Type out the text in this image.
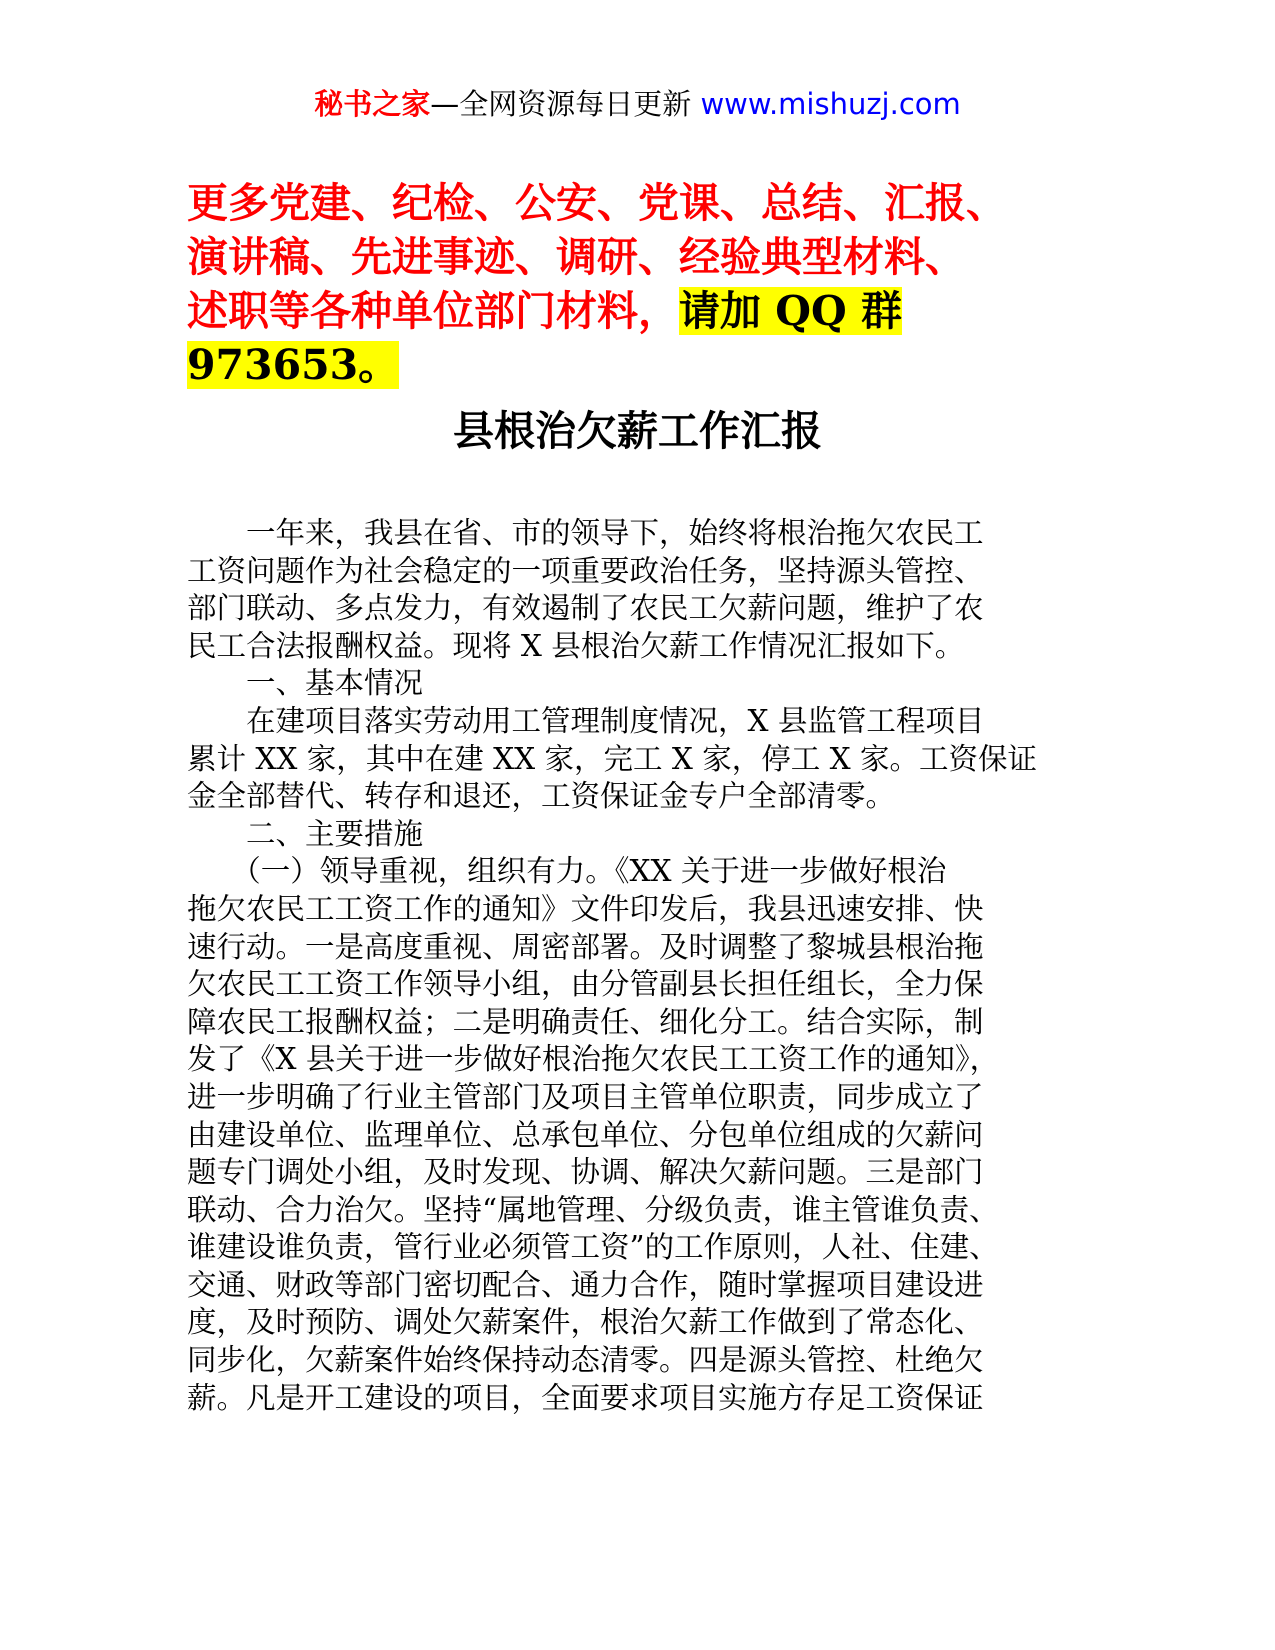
秘书之家—全网资源每日更新 www.mishuzj.com
更多党建、纪检、公安、党课、总结、汇报、
演讲稿、先进事迹、调研、经验典型材料、
述职等各种单位部门材料，请加 QQ 群
973653。
县根治欠薪工作汇报
　　一年来，我县在省、市的领导下，始终将根治拖欠农民工
工资问题作为社会稳定的一项重要政治任务，坚持源头管控、
部门联动、多点发力，有效遏制了农民工欠薪问题，维护了农
民工合法报酬权益。现将 X 县根治欠薪工作情况汇报如下。
　　一、基本情况
　　在建项目落实劳动用工管理制度情况，X 县监管工程项目
累计 XX 家，其中在建 XX 家，完工 X 家，停工 X 家。工资保证
金全部替代、转存和退还，工资保证金专户全部清零。
　　二、主要措施
　　（一）领导重视，组织有力。《XX 关于进一步做好根治
拖欠农民工工资工作的通知》文件印发后，我县迅速安排、快
速行动。一是高度重视、周密部署。及时调整了黎城县根治拖
欠农民工工资工作领导小组，由分管副县长担任组长，全力保
障农民工报酬权益；二是明确责任、细化分工。结合实际，制
发了《X 县关于进一步做好根治拖欠农民工工资工作的通知》，
进一步明确了行业主管部门及项目主管单位职责，同步成立了
由建设单位、监理单位、总承包单位、分包单位组成的欠薪问
题专门调处小组，及时发现、协调、解决欠薪问题。三是部门
联动、合力治欠。坚持“属地管理、分级负责，谁主管谁负责、
谁建设谁负责，管行业必须管工资”的工作原则，人社、住建、
交通、财政等部门密切配合、通力合作，随时掌握项目建设进
度，及时预防、调处欠薪案件，根治欠薪工作做到了常态化、
同步化，欠薪案件始终保持动态清零。四是源头管控、杜绝欠
薪。凡是开工建设的项目，全面要求项目实施方存足工资保证
